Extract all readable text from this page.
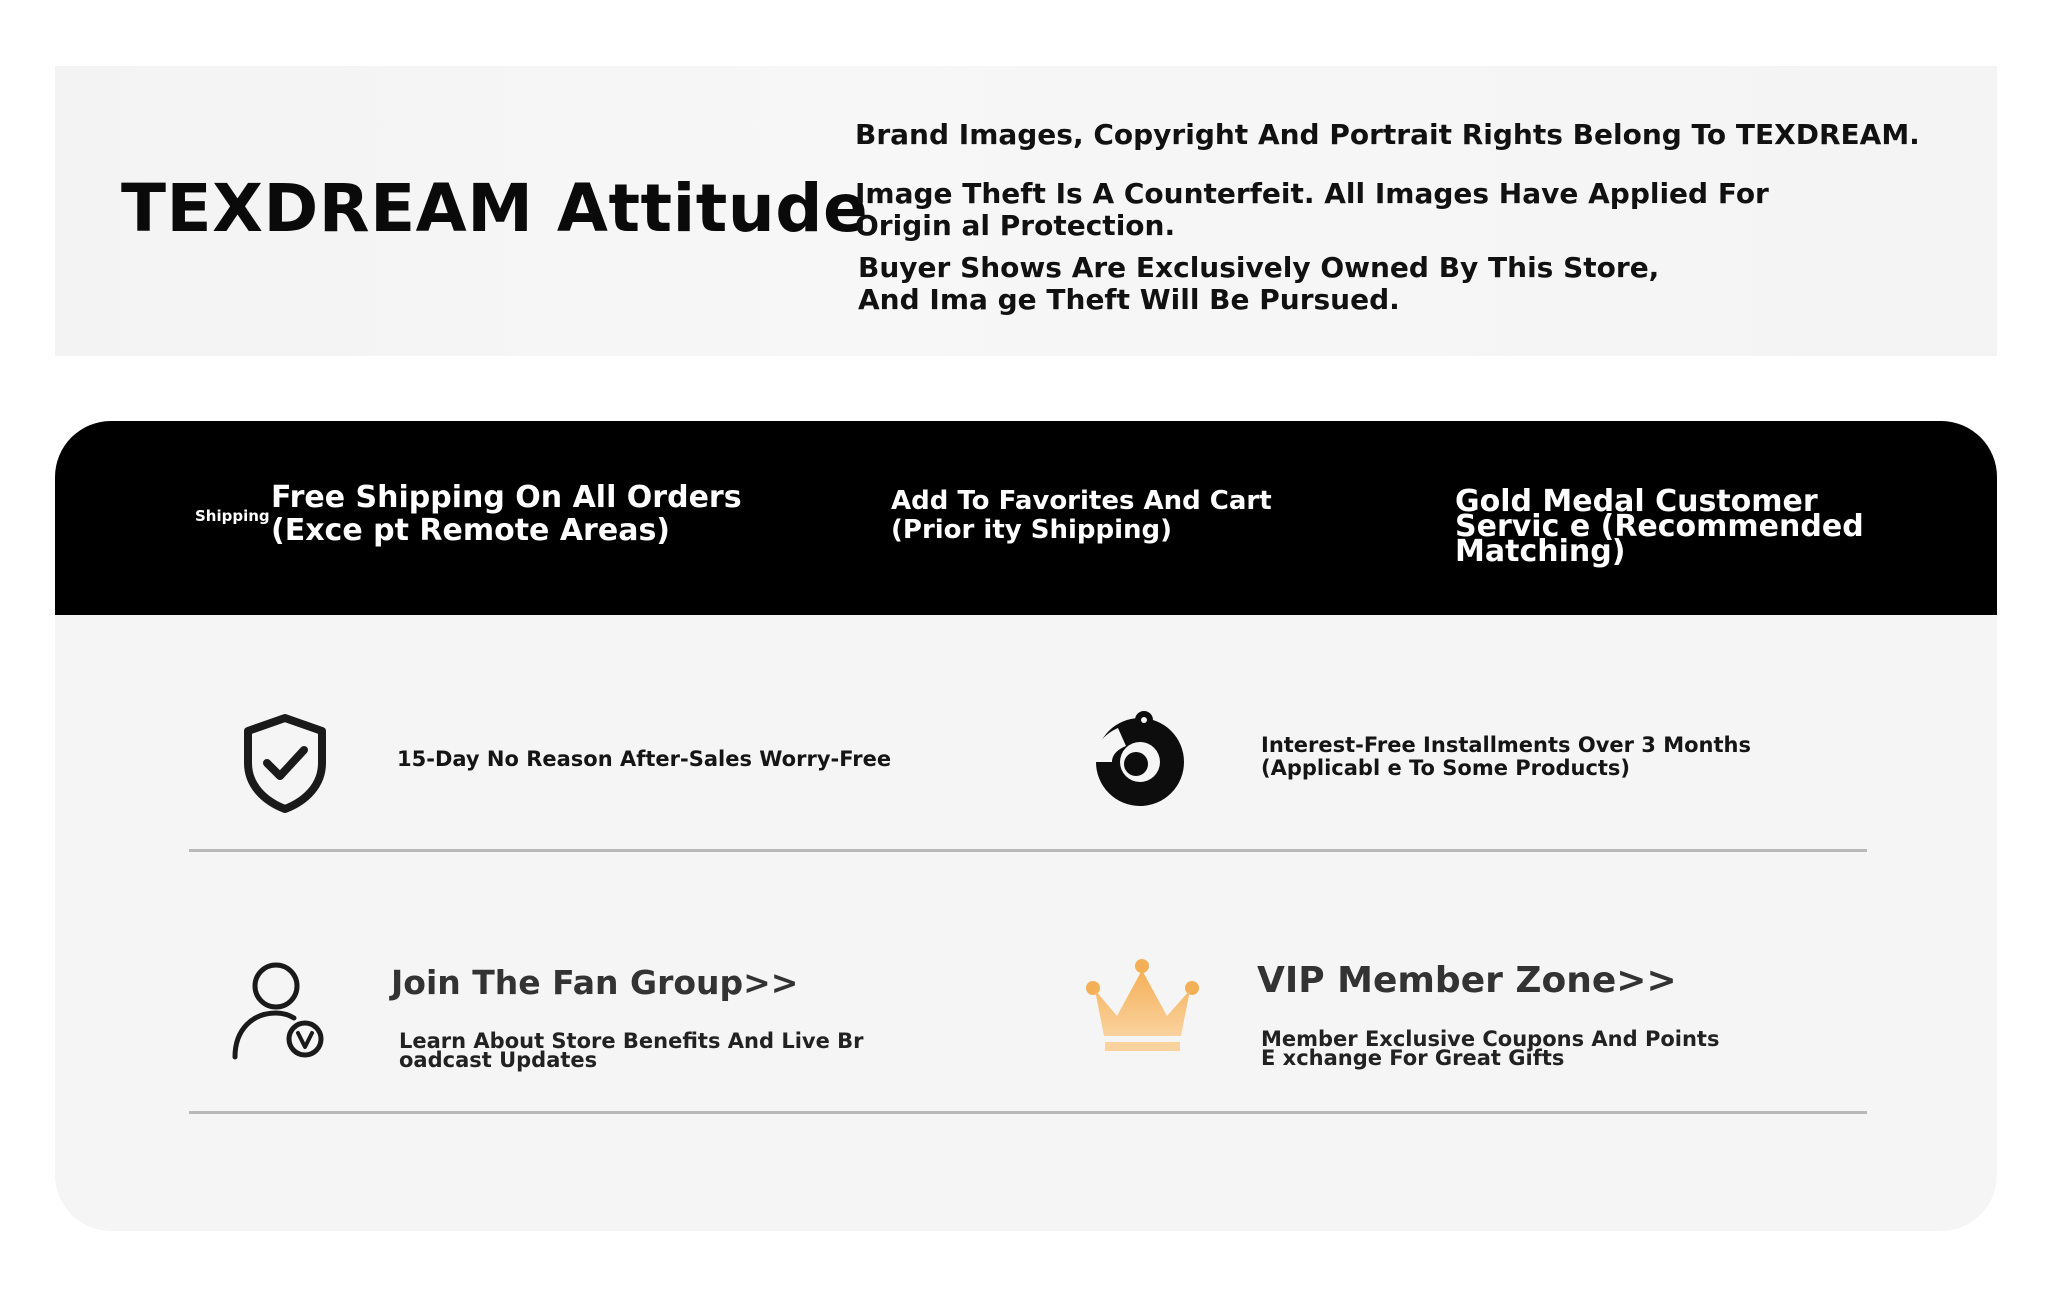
TEXDREAM Attitude

Brand Images, Copyright And Portrait Rights Belong To TEXDREAM.

Image Theft Is A Counterfeit. All Images Have Applied For Origin al Protection.

Buyer Shows Are Exclusively Owned By This Store, And Ima ge Theft Will Be Pursued.

Shipping

Free Shipping On All Orders (Exce pt Remote Areas)

Add To Favorites And Cart (Prior ity Shipping)

Gold Medal Customer Servic e (Recommended Matching)

15-Day No Reason After-Sales Worry-Free

Interest-Free Installments Over 3 Months (Applicabl e To Some Products)

Join The Fan Group>>

Learn About Store Benefits And Live Br oadcast Updates

VIP Member Zone>>

Member Exclusive Coupons And Points E xchange For Great Gifts
